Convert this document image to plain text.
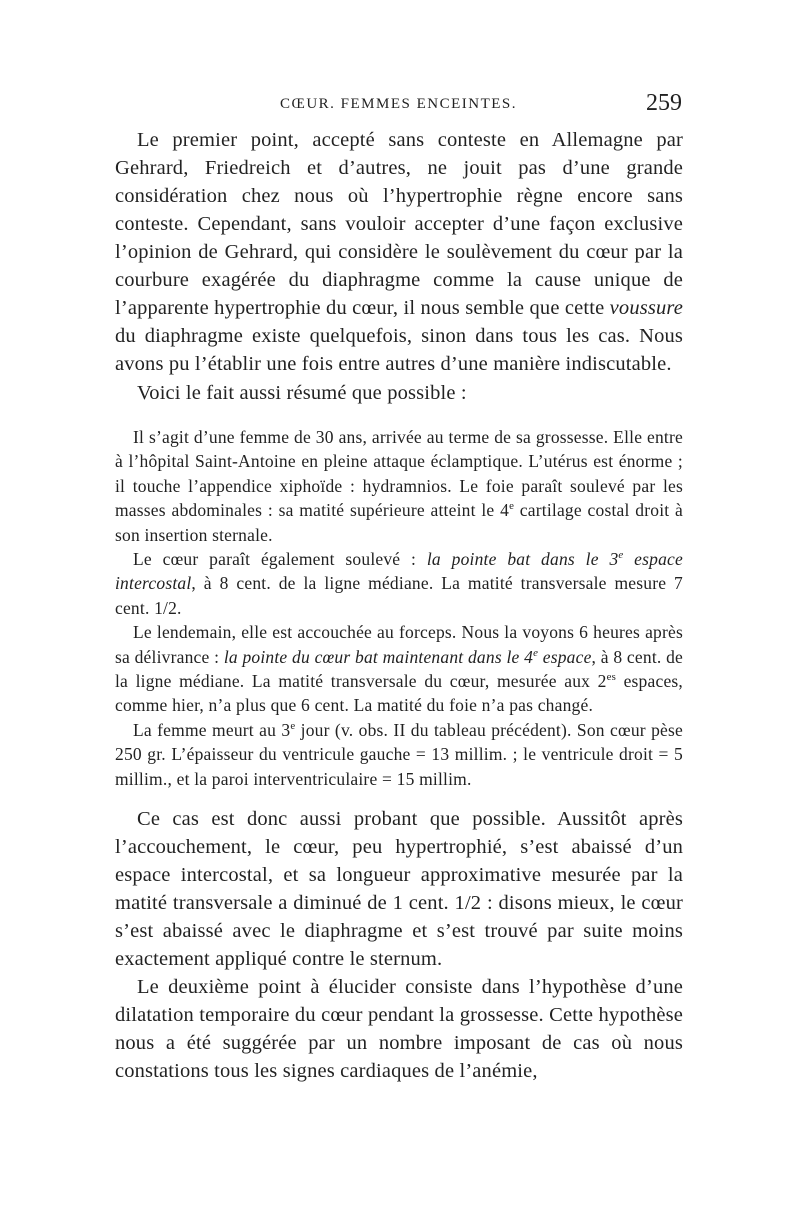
CŒUR. FEMMES ENCEINTES.	259

Le premier point, accepté sans conteste en Allemagne par Gehrard, Friedreich et d’autres, ne jouit pas d’une grande considération chez nous où l’hypertrophie règne encore sans conteste. Cependant, sans vouloir accepter d’une façon exclusive l’opinion de Gehrard, qui considère le soulèvement du cœur par la courbure exagérée du diaphragme comme la cause unique de l’apparente hypertrophie du cœur, il nous semble que cette voussure du diaphragme existe quelquefois, sinon dans tous les cas. Nous avons pu l’établir une fois entre autres d’une manière indiscutable.

Voici le fait aussi résumé que possible :

Il s’agit d’une femme de 30 ans, arrivée au terme de sa grossesse. Elle entre à l’hôpital Saint-Antoine en pleine attaque éclamptique. L’utérus est énorme ; il touche l’appendice xiphoïde : hydramnios. Le foie paraît soulevé par les masses abdominales : sa matité supérieure atteint le 4e cartilage costal droit à son insertion sternale.

Le cœur paraît également soulevé : la pointe bat dans le 3e espace intercostal, à 8 cent. de la ligne médiane. La matité transversale mesure 7 cent. 1/2.

Le lendemain, elle est accouchée au forceps. Nous la voyons 6 heures après sa délivrance : la pointe du cœur bat maintenant dans le 4e espace, à 8 cent. de la ligne médiane. La matité transversale du cœur, mesurée aux $2^{es}$ espaces, comme hier, n’a plus que 6 cent. La matité du foie n’a pas changé.

La femme meurt au 3e jour (v. obs. II du tableau précédent). Son cœur pèse 250 gr. L’épaisseur du ventricule gauche = 13 millim. ; le ventricule droit = 5 millim., et la paroi interventriculaire = 15 millim.

Ce cas est donc aussi probant que possible. Aussitôt après l’accouchement, le cœur, peu hypertrophié, s’est abaissé d’un espace intercostal, et sa longueur approximative mesurée par la matité transversale a diminué de 1 cent. 1/2 : disons mieux, le cœur s’est abaissé avec le diaphragme et s’est trouvé par suite moins exactement appliqué contre le sternum.

Le deuxième point à élucider consiste dans l’hypothèse d’une dilatation temporaire du cœur pendant la grossesse. Cette hypothèse nous a été suggérée par un nombre imposant de cas où nous constations tous les signes cardiaques de l’anémie,
